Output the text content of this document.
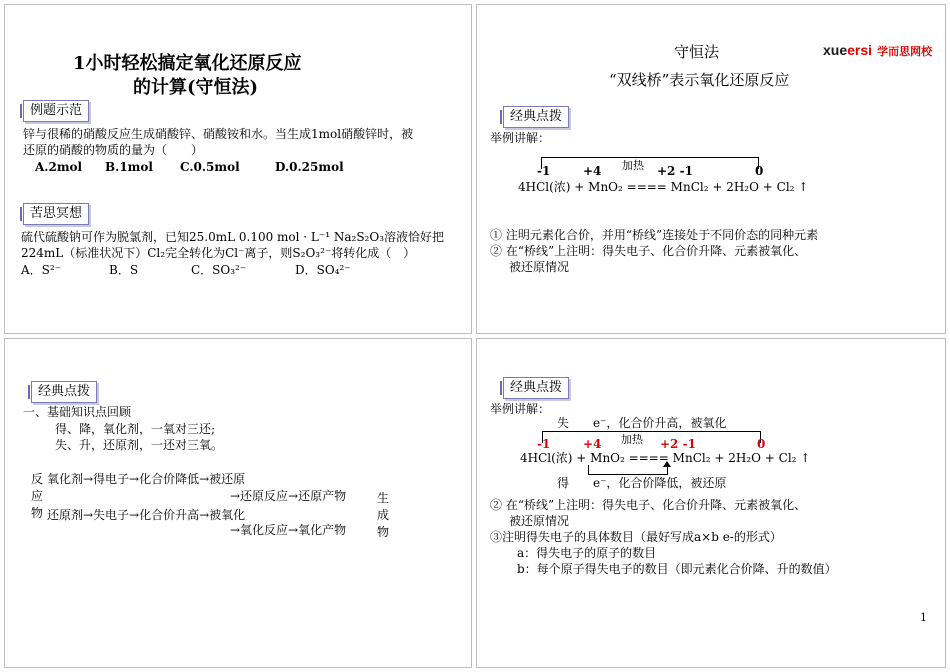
1小时轻松搞定氧化还原反应
的计算(守恒法)
例题示范
锌与很稀的硝酸反应生成硝酸锌、硝酸铵和水。当生成1mol硝酸锌时，被
还原的硝酸的物质的量为（　　）
A.2mol B.1mol C.0.5mol	D.0.25mol
苦思冥想
硫代硫酸钠可作为脱氯剂，已知25.0mL 0.100 mol · L⁻¹ Na₂S₂O₃溶液恰好把
224mL（标准状况下）Cl₂完全转化为Cl⁻离子，则S₂O₃²⁻将转化成（　）
A．S²⁻	B．S	C．SO₃²⁻	D．SO₄²⁻
守恒法
“双线桥”表示氧化还原反应
xueersi 学而思网校
经典点拨
举例讲解：
-1	+4 加热 +2 -1	0
4HCl(浓) + MnO₂ ==== MnCl₂ + 2H₂O + Cl₂ ↑
① 注明元素化合价，并用“桥线”连接处于不同价态的同种元素
② 在“桥线”上注明：得失电子、化合价升降、元素被氧化、
被还原情况
经典点拨
一、基础知识点回顾
得、降，氧化剂，一氧对三还;
失、升，还原剂，一还对三氧。
反
应
物
氧化剂→得电子→化合价降低→被还原
→还原反应→还原产物
还原剂→失电子→化合价升高→被氧化
→氧化反应→氧化产物
生
成
物
经典点拨
举例讲解：
失　　e⁻，化合价升高，被氧化
-1	+4 加热 +2 -1	0
4HCl(浓) + MnO₂ ==== MnCl₂ + 2H₂O + Cl₂ ↑
得　　e⁻，化合价降低，被还原
② 在“桥线”上注明：得失电子、化合价升降、元素被氧化、
被还原情况
③注明得失电子的具体数目（最好写成a×b e-的形式）
a：得失电子的原子的数目
b：每个原子得失电子的数目（即元素化合价降、升的数值）
1
